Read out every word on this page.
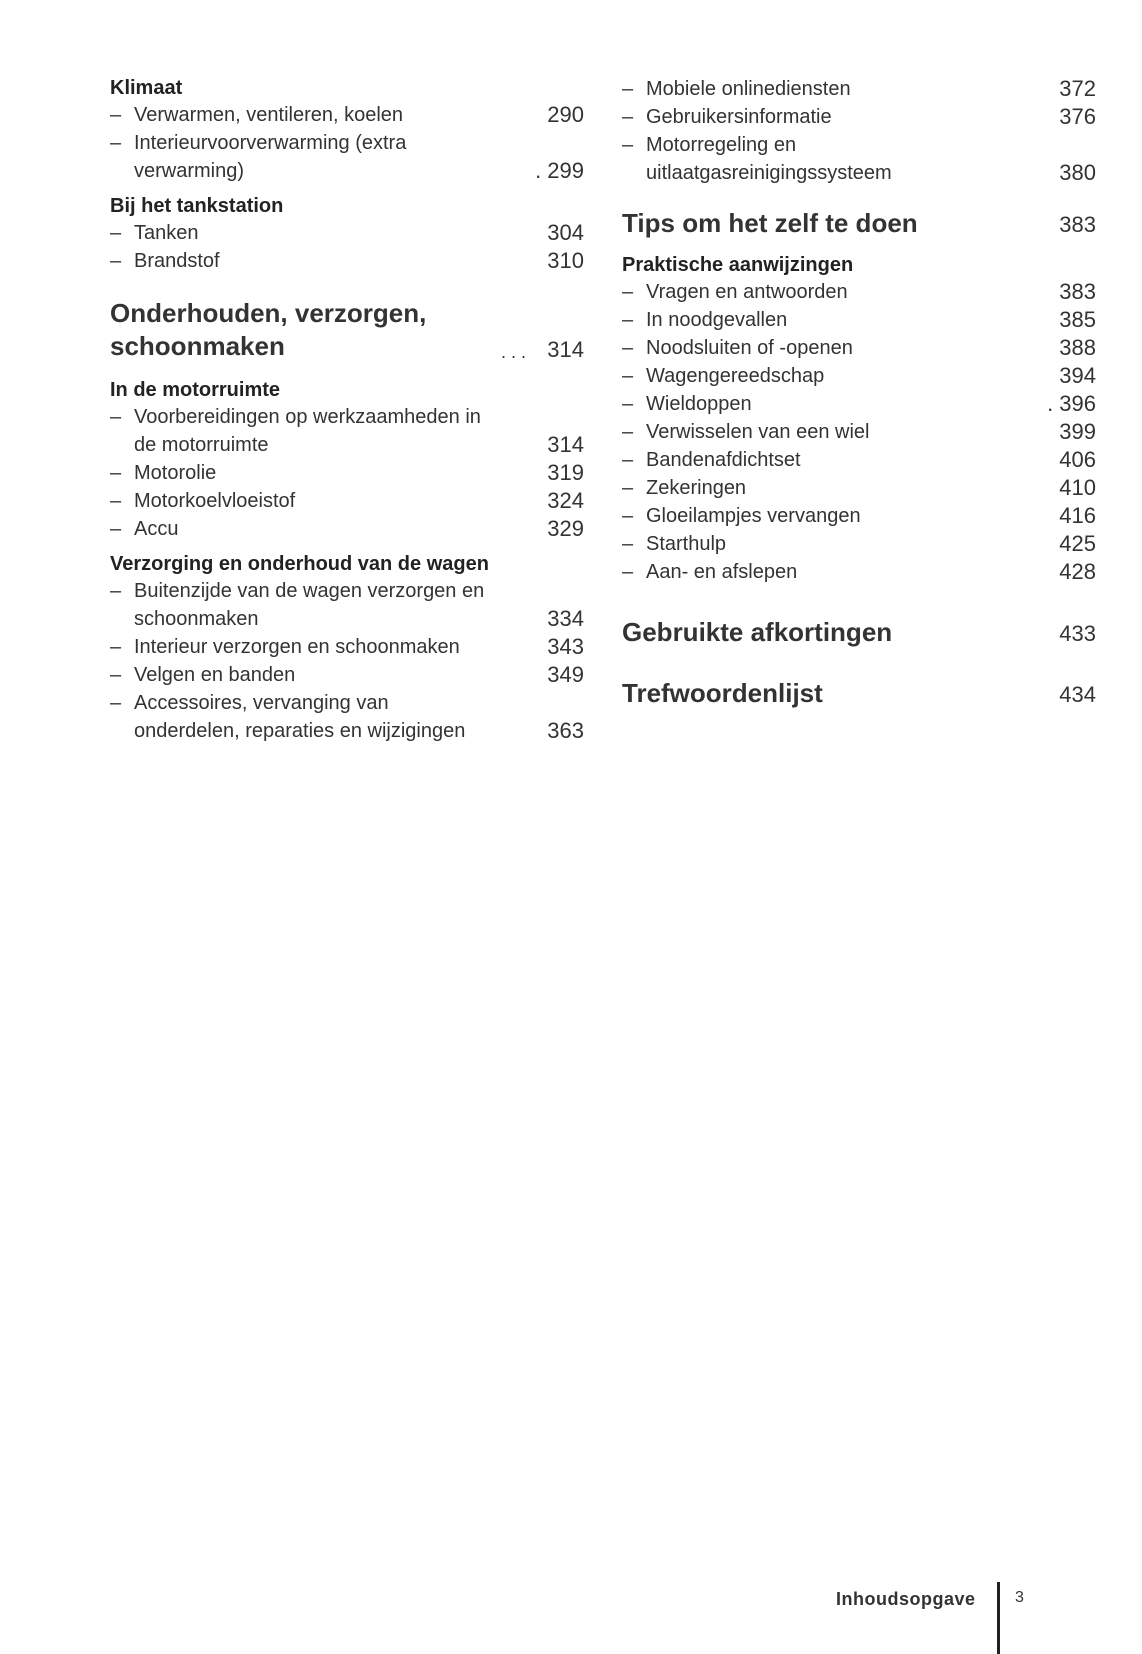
Klimaat
– Verwarmen, ventileren, koelen	290
– Interieurvoorverwarming (extra
verwarming)	. 299
Bij het tankstation
– Tanken	304
– Brandstof	310
Onderhouden, verzorgen,
schoonmaken	. . . 314
In de motorruimte
– Voorbereidingen op werkzaamheden in
de motorruimte	314
– Motorolie	319
– Motorkoelvloeistof	324
– Accu	329
Verzorging en onderhoud van de wagen
– Buitenzijde van de wagen verzorgen en
schoonmaken	334
– Interieur verzorgen en schoonmaken	343
– Velgen en banden	349
– Accessoires, vervanging van
onderdelen, reparaties en wijzigingen	363
– Mobiele onlinediensten	372
– Gebruikersinformatie	376
– Motorregeling en
uitlaatgasreinigingssysteem	380
Tips om het zelf te doen	383
Praktische aanwijzingen
– Vragen en antwoorden	383
– In noodgevallen	385
– Noodsluiten of -openen	388
– Wagengereedschap	394
– Wieldoppen	. 396
– Verwisselen van een wiel	399
– Bandenafdichtset	406
– Zekeringen	410
– Gloeilampjes vervangen	416
– Starthulp	425
– Aan- en afslepen	428
Gebruikte afkortingen	433
Trefwoordenlijst	434
Inhoudsopgave 3
